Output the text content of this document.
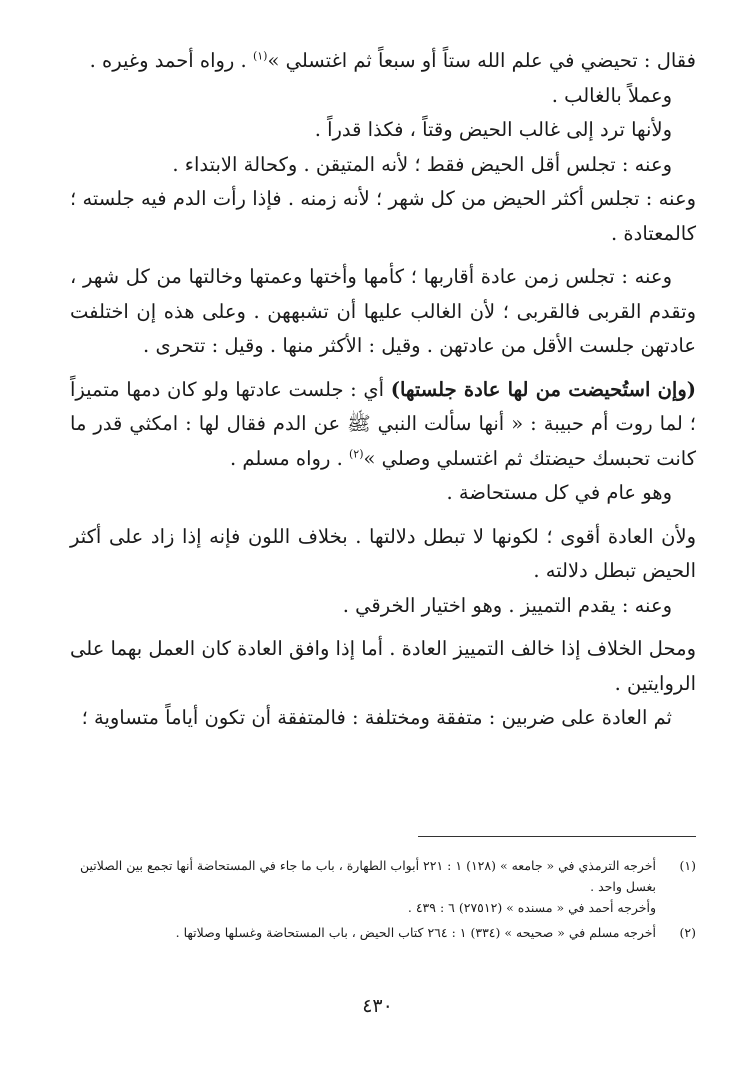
فقال : تحيضي في علم الله ستاً أو سبعاً ثم اغتسلي »$^{(١)}$ . رواه أحمد وغيره .

وعملاً بالغالب .

ولأنها ترد إلى غالب الحيض وقتاً ، فكذا قدراً .

وعنه : تجلس أقل الحيض فقط ؛ لأنه المتيقن . وكحالة الابتداء .

وعنه : تجلس أكثر الحيض من كل شهر ؛ لأنه زمنه . فإذا رأت الدم فيه جلسته ؛ كالمعتادة .

وعنه : تجلس زمن عادة أقاربها ؛ كأمها وأختها وعمتها وخالتها من كل شهر ، وتقدم القربى فالقربى ؛ لأن الغالب عليها أن تشبههن . وعلى هذه إن اختلفت عادتهن جلست الأقل من عادتهن . وقيل : الأكثر منها . وقيل : تتحرى .

(وإن استُحيضت من لها عادة جلستها) أي : جلست عادتها ولو كان دمها متميزاً ؛ لما روت أم حبيبة : « أنها سألت النبي ﷺ عن الدم فقال لها : امكثي قدر ما كانت تحبسك حيضتك ثم اغتسلي وصلي »$^{(٢)}$ . رواه مسلم .

وهو عام في كل مستحاضة .

ولأن العادة أقوى ؛ لكونها لا تبطل دلالتها . بخلاف اللون فإنه إذا زاد على أكثر الحيض تبطل دلالته .

وعنه : يقدم التمييز . وهو اختيار الخرقي .

ومحل الخلاف إذا خالف التمييز العادة . أما إذا وافق العادة كان العمل بهما على الروايتين .

ثم العادة على ضربين : متفقة ومختلفة : فالمتفقة أن تكون أياماً متساوية ؛

(١)
أخرجه الترمذي في « جامعه » (١٢٨) ١ : ٢٢١ أبواب الطهارة ، باب ما جاء في المستحاضة أنها تجمع بين الصلاتين بغسل واحد .
وأخرجه أحمد في « مسنده » (٢٧٥١٢) ٦ : ٤٣٩ .
(٢)
أخرجه مسلم في « صحيحه » (٣٣٤) ١ : ٢٦٤ كتاب الحيض ، باب المستحاضة وغسلها وصلاتها .
٤٣٠
